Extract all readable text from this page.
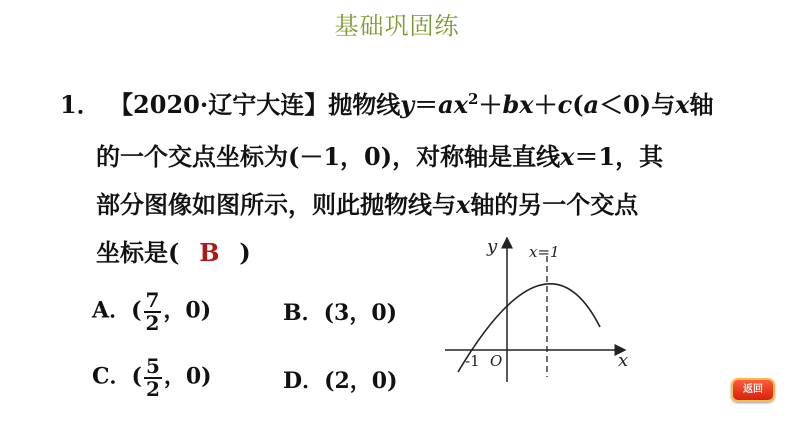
基础巩固练
1． 【2020·辽宁大连】抛物线$y=ax^2+bx+c(a<0)$与x轴
的一个交点坐标为(－1，0)，对称轴是直线x＝1，其
部分图像如图所示，则此抛物线与x轴的另一个交点
坐标是( B )
A．( $\frac{7}{2}$ ，0)	B．(3，0)
C．( $\frac{5}{2}$ ，0)	D．(2，0)
y
x
x=1
-1 O
返回
